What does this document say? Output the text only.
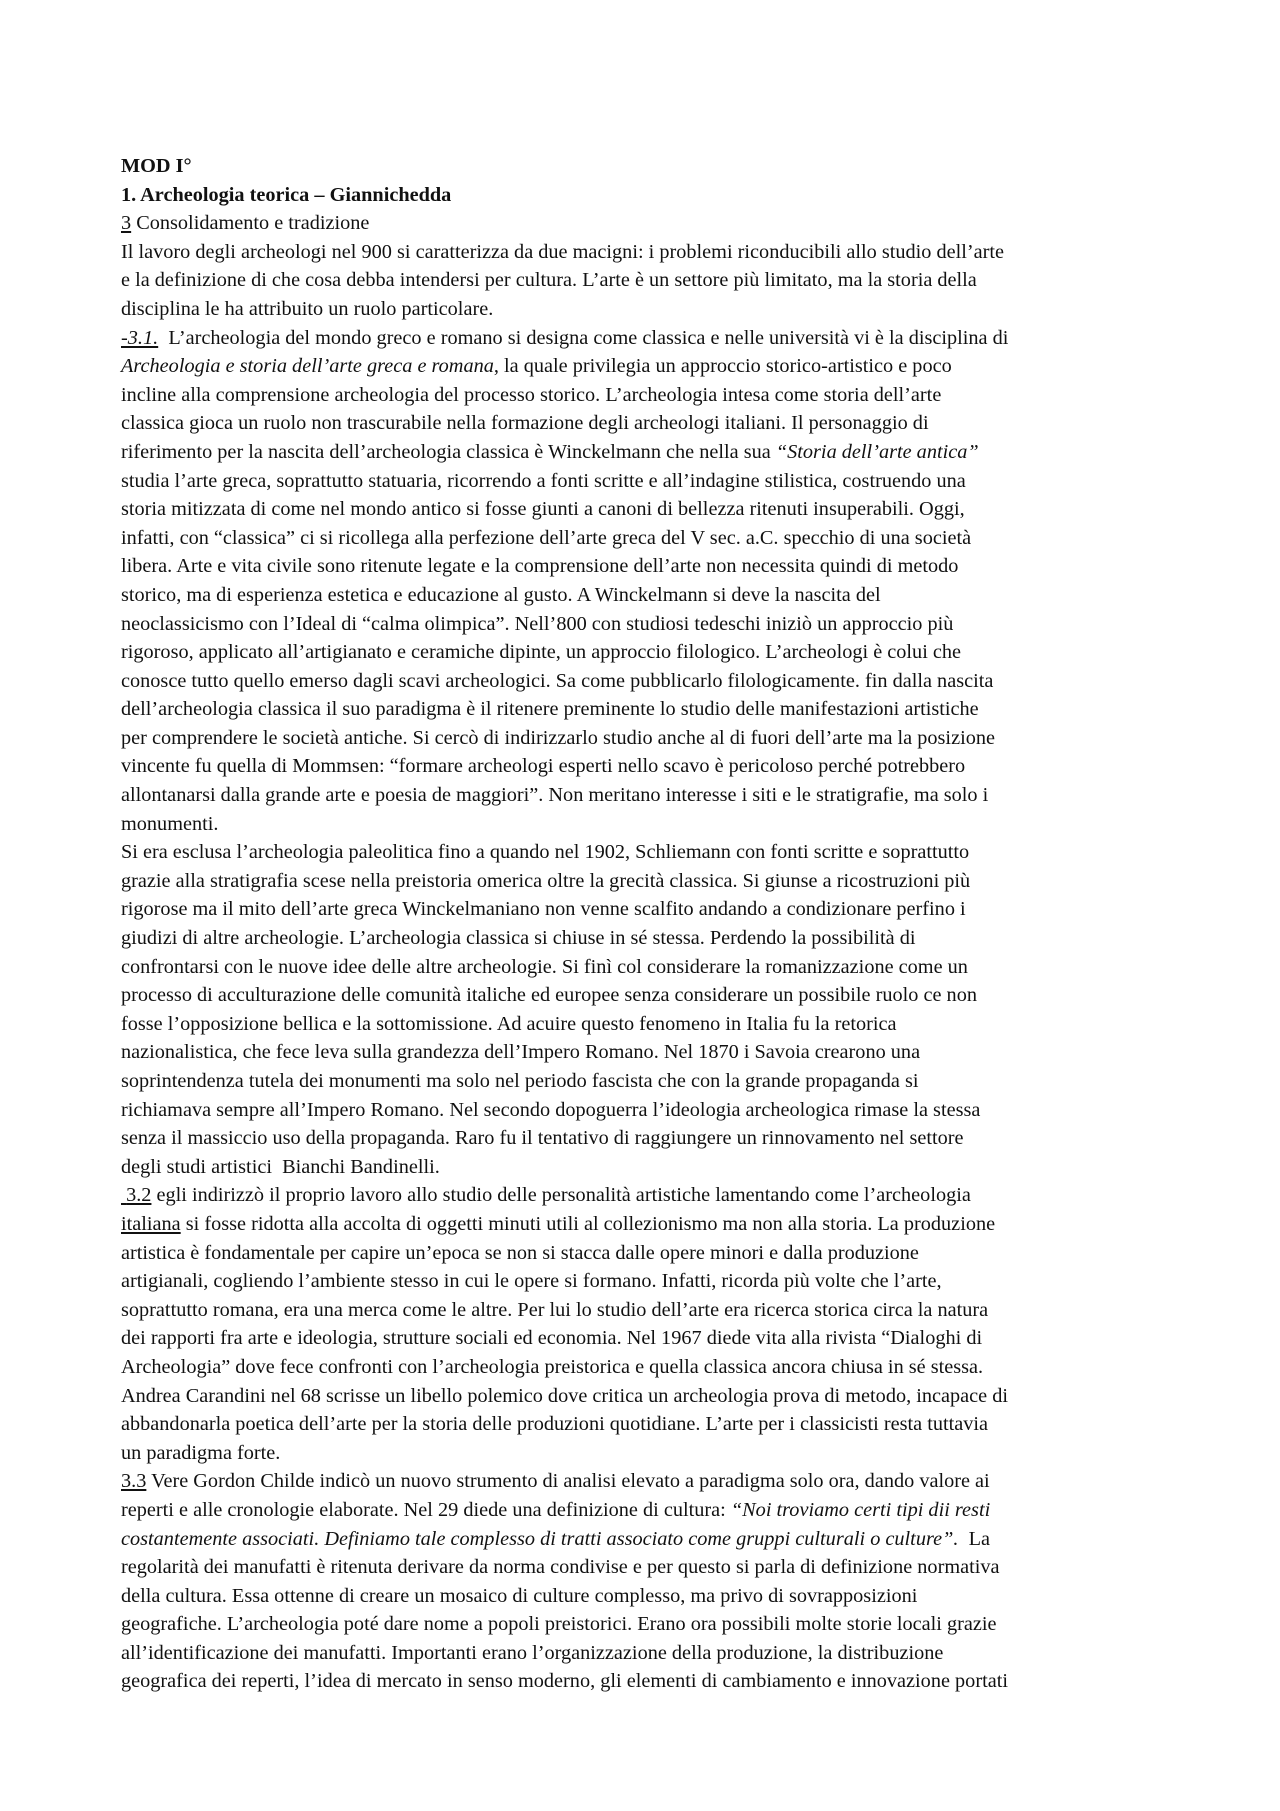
MOD I°
1. Archeologia teorica – Giannichedda
3 Consolidamento e tradizione
Il lavoro degli archeologi nel 900 si caratterizza da due macigni: i problemi riconducibili allo studio dell’arte
e la definizione di che cosa debba intendersi per cultura. L’arte è un settore più limitato, ma la storia della
disciplina le ha attribuito un ruolo particolare.
-3.1.  L’archeologia del mondo greco e romano si designa come classica e nelle università vi è la disciplina di
Archeologia e storia dell’arte greca e romana, la quale privilegia un approccio storico-artistico e poco
incline alla comprensione archeologia del processo storico. L’archeologia intesa come storia dell’arte
classica gioca un ruolo non trascurabile nella formazione degli archeologi italiani. Il personaggio di
riferimento per la nascita dell’archeologia classica è Winckelmann che nella sua “Storia dell’arte antica”
studia l’arte greca, soprattutto statuaria, ricorrendo a fonti scritte e all’indagine stilistica, costruendo una
storia mitizzata di come nel mondo antico si fosse giunti a canoni di bellezza ritenuti insuperabili. Oggi,
infatti, con “classica” ci si ricollega alla perfezione dell’arte greca del V sec. a.C. specchio di una società
libera. Arte e vita civile sono ritenute legate e la comprensione dell’arte non necessita quindi di metodo
storico, ma di esperienza estetica e educazione al gusto. A Winckelmann si deve la nascita del
neoclassicismo con l’Ideal di “calma olimpica”. Nell’800 con studiosi tedeschi iniziò un approccio più
rigoroso, applicato all’artigianato e ceramiche dipinte, un approccio filologico. L’archeologi è colui che
conosce tutto quello emerso dagli scavi archeologici. Sa come pubblicarlo filologicamente. fin dalla nascita
dell’archeologia classica il suo paradigma è il ritenere preminente lo studio delle manifestazioni artistiche
per comprendere le società antiche. Si cercò di indirizzarlo studio anche al di fuori dell’arte ma la posizione
vincente fu quella di Mommsen: “formare archeologi esperti nello scavo è pericoloso perché potrebbero
allontanarsi dalla grande arte e poesia de maggiori”. Non meritano interesse i siti e le stratigrafie, ma solo i
monumenti.
Si era esclusa l’archeologia paleolitica fino a quando nel 1902, Schliemann con fonti scritte e soprattutto
grazie alla stratigrafia scese nella preistoria omerica oltre la grecità classica. Si giunse a ricostruzioni più
rigorose ma il mito dell’arte greca Winckelmaniano non venne scalfito andando a condizionare perfino i
giudizi di altre archeologie. L’archeologia classica si chiuse in sé stessa. Perdendo la possibilità di
confrontarsi con le nuove idee delle altre archeologie. Si finì col considerare la romanizzazione come un
processo di acculturazione delle comunità italiche ed europee senza considerare un possibile ruolo ce non
fosse l’opposizione bellica e la sottomissione. Ad acuire questo fenomeno in Italia fu la retorica
nazionalistica, che fece leva sulla grandezza dell’Impero Romano. Nel 1870 i Savoia crearono una
soprintendenza tutela dei monumenti ma solo nel periodo fascista che con la grande propaganda si
richiamava sempre all’Impero Romano. Nel secondo dopoguerra l’ideologia archeologica rimase la stessa
senza il massiccio uso della propaganda. Raro fu il tentativo di raggiungere un rinnovamento nel settore
degli studi artistici  Bianchi Bandinelli.
3.2 egli indirizzò il proprio lavoro allo studio delle personalità artistiche lamentando come l’archeologia
italiana si fosse ridotta alla accolta di oggetti minuti utili al collezionismo ma non alla storia. La produzione
artistica è fondamentale per capire un’epoca se non si stacca dalle opere minori e dalla produzione
artigianali, cogliendo l’ambiente stesso in cui le opere si formano. Infatti, ricorda più volte che l’arte,
soprattutto romana, era una merca come le altre. Per lui lo studio dell’arte era ricerca storica circa la natura
dei rapporti fra arte e ideologia, strutture sociali ed economia. Nel 1967 diede vita alla rivista “Dialoghi di
Archeologia” dove fece confronti con l’archeologia preistorica e quella classica ancora chiusa in sé stessa.
Andrea Carandini nel 68 scrisse un libello polemico dove critica un archeologia prova di metodo, incapace di
abbandonarla poetica dell’arte per la storia delle produzioni quotidiane. L’arte per i classicisti resta tuttavia
un paradigma forte.
3.3 Vere Gordon Childe indicò un nuovo strumento di analisi elevato a paradigma solo ora, dando valore ai
reperti e alle cronologie elaborate. Nel 29 diede una definizione di cultura: “Noi troviamo certi tipi dii resti
costantemente associati. Definiamo tale complesso di tratti associato come gruppi culturali o culture”.  La
regolarità dei manufatti è ritenuta derivare da norma condivise e per questo si parla di definizione normativa
della cultura. Essa ottenne di creare un mosaico di culture complesso, ma privo di sovrapposizioni
geografiche. L’archeologia poté dare nome a popoli preistorici. Erano ora possibili molte storie locali grazie
all’identificazione dei manufatti. Importanti erano l’organizzazione della produzione, la distribuzione
geografica dei reperti, l’idea di mercato in senso moderno, gli elementi di cambiamento e innovazione portati
